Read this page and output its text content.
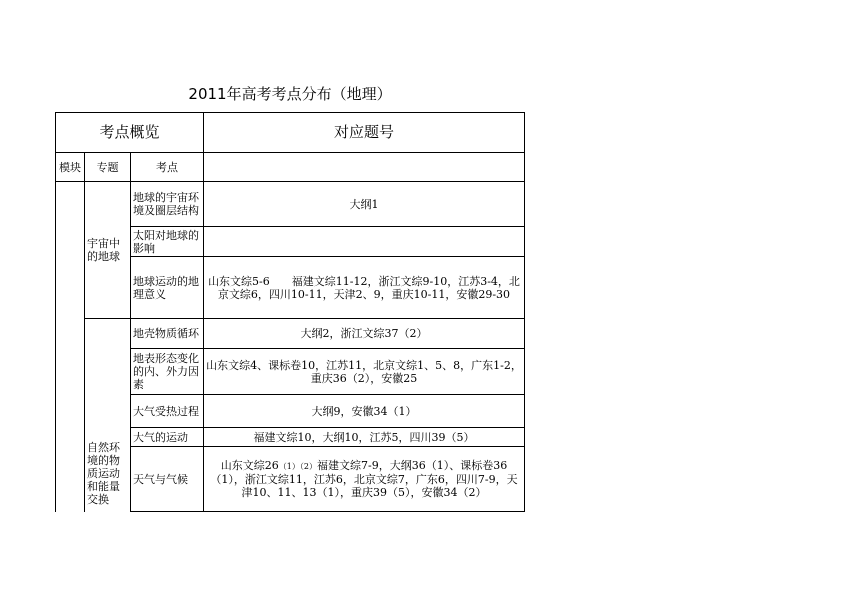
2011年高考考点分布（地理）
考点概览			对应题号
模块	专题	考点	
	宇宙中的地球	地球的宇宙环境及圈层结构	大纲1
		太阳对地球的影响	
		地球运动的地理意义	山东文综5-6　　福建文综11-12，浙江文综9-10，江苏3-4，北京文综6，四川10-11，天津2、9，重庆10-11，安徽29-30
	自然环境的物质运动和能量交换	地壳物质循环	大纲2，浙江文综37（2）
		地表形态变化的内、外力因素	山东文综4、课标卷10，江苏11，北京文综1、5、8，广东1-2，重庆36（2），安徽25
		大气受热过程	大纲9，安徽34（1）
		大气的运动	福建文综10，大纲10，江苏5，四川39（5）
		天气与气候	山东文综26（1）（2）福建文综7-9，大纲36（1）、课标卷36（1），浙江文综11，江苏6，北京文综7，广东6，四川7-9，天津10、11、13（1），重庆39（5），安徽34（2）
